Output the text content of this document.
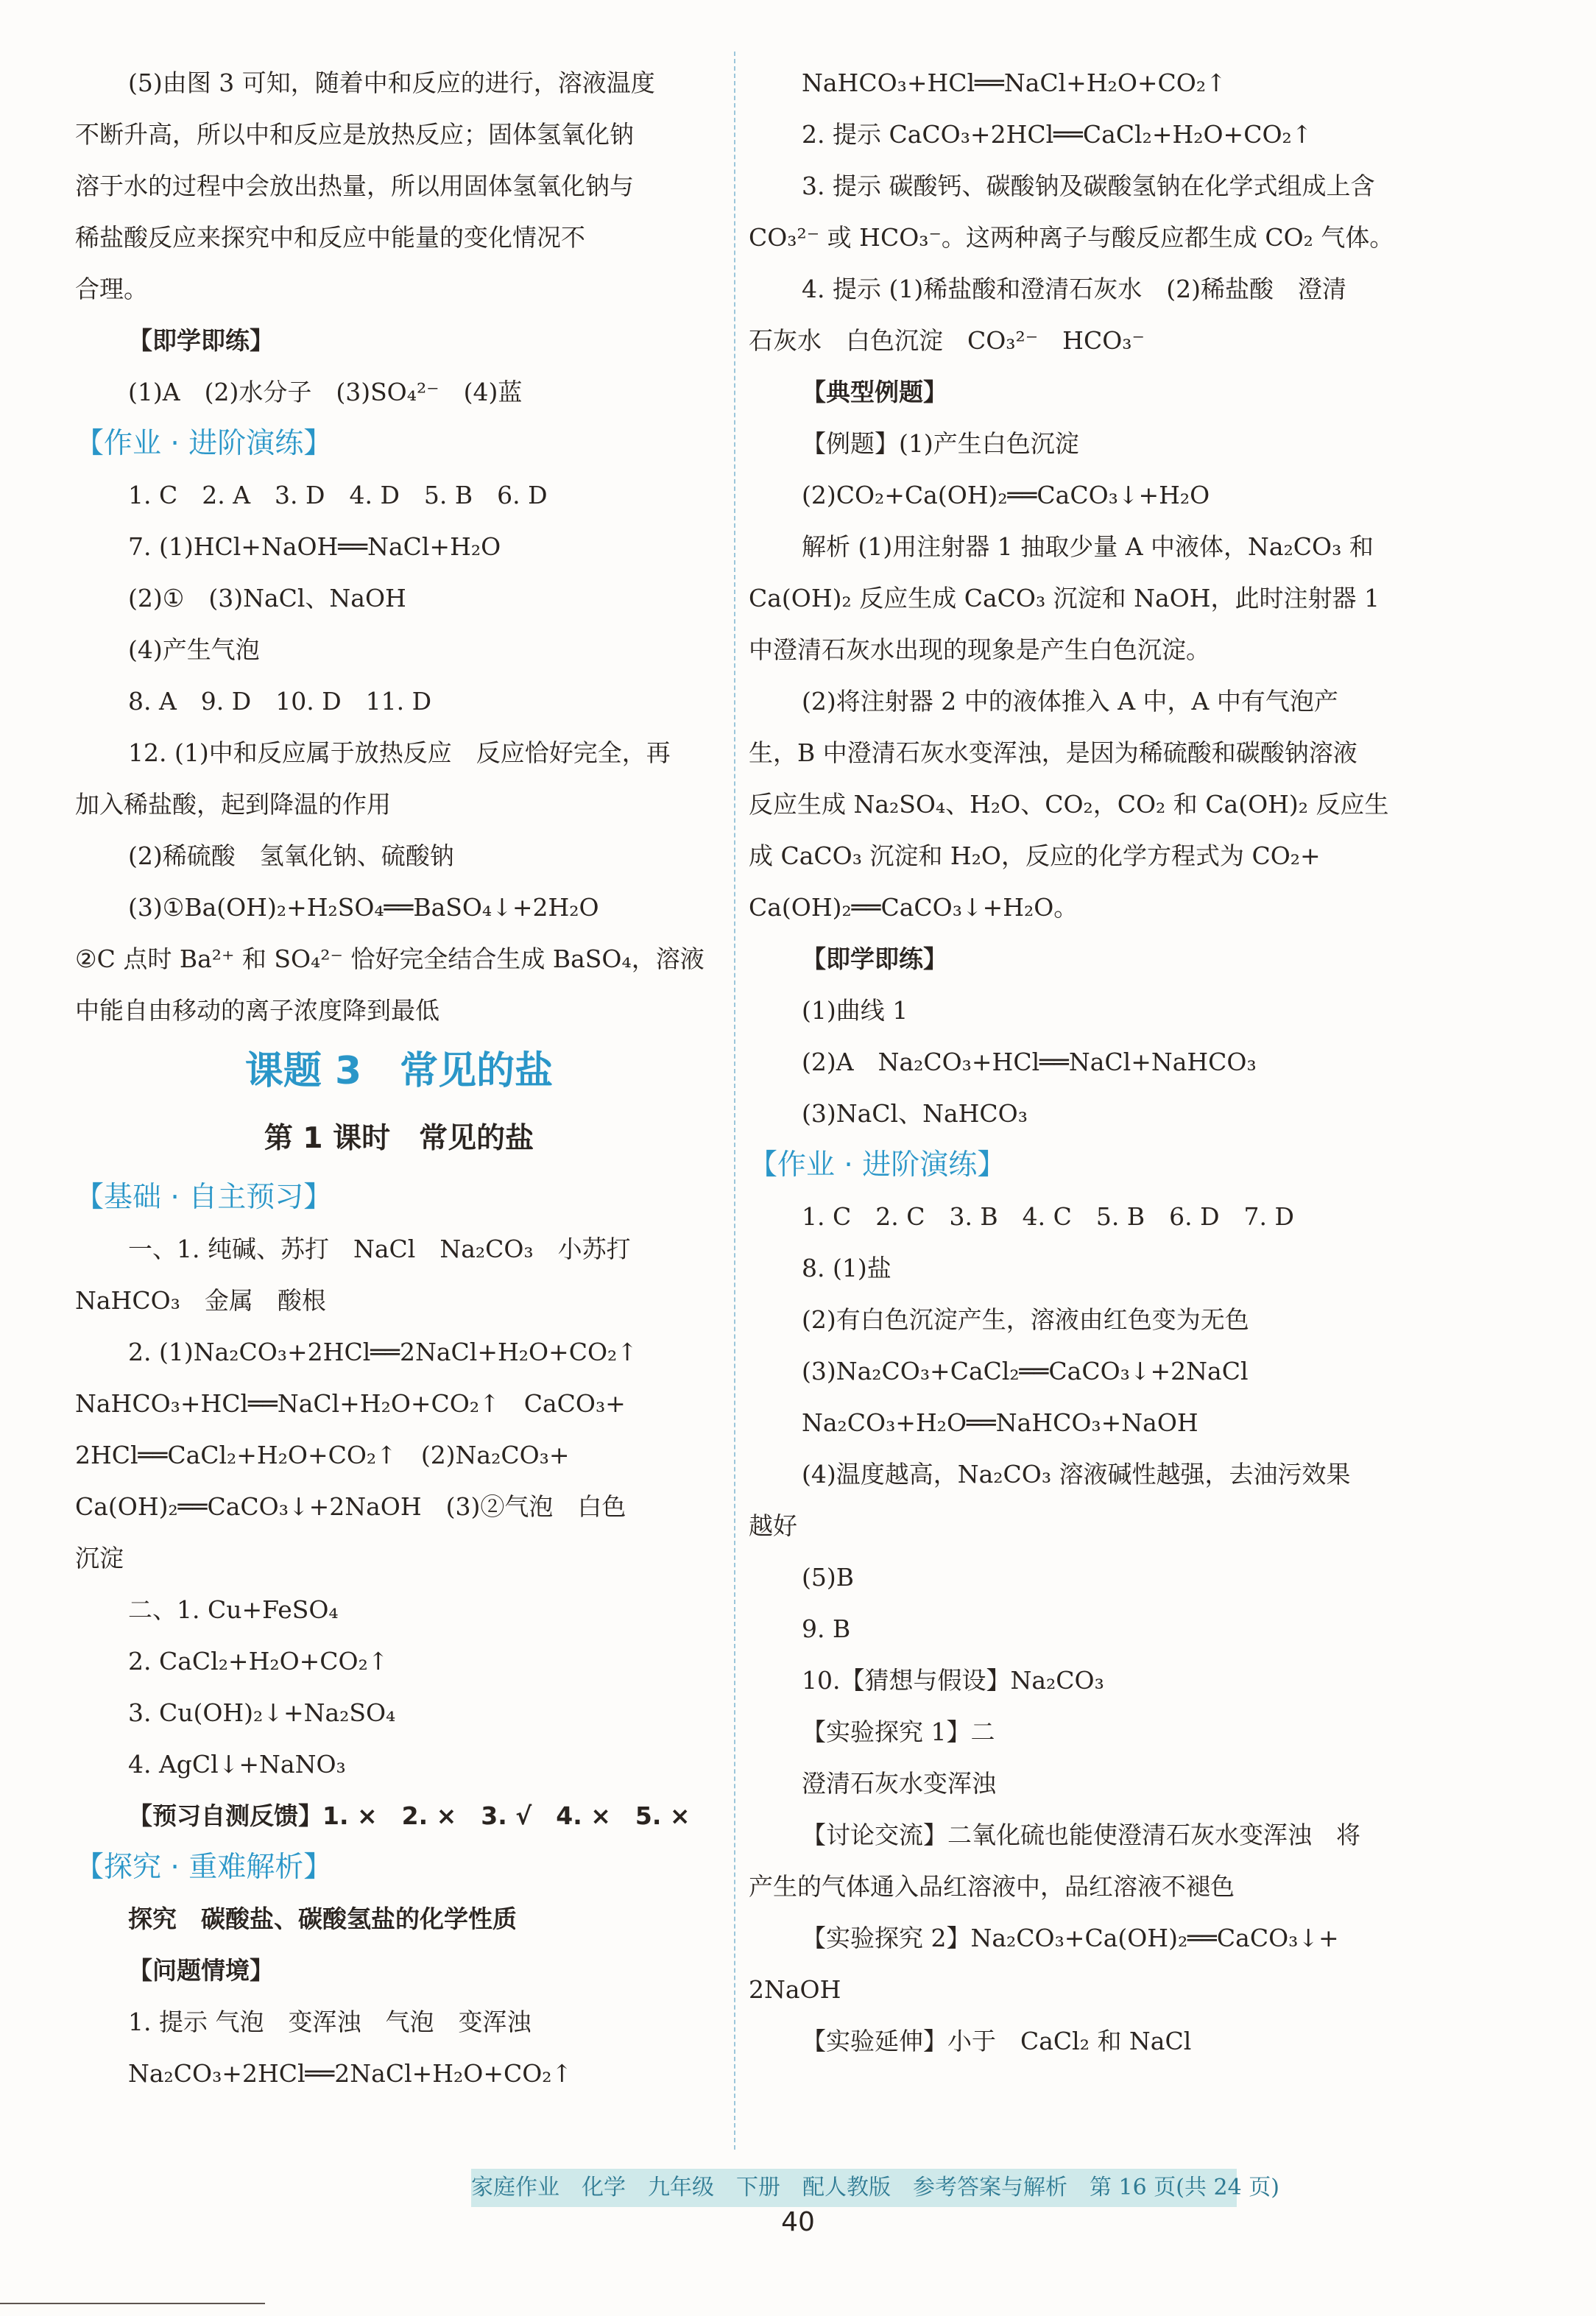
(5)由图 3 可知，随着中和反应的进行，溶液温度
不断升高，所以中和反应是放热反应；固体氢氧化钠
溶于水的过程中会放出热量，所以用固体氢氧化钠与
稀盐酸反应来探究中和反应中能量的变化情况不
合理。
【即学即练】
(1)A　(2)水分子　(3)SO₄²⁻　(4)蓝
【作业 · 进阶演练】
1. C　2. A　3. D　4. D　5. B　6. D
7. (1)HCl+NaOH══NaCl+H₂O
(2)①　(3)NaCl、NaOH
(4)产生气泡
8. A　9. D　10. D　11. D
12. (1)中和反应属于放热反应　反应恰好完全，再
加入稀盐酸，起到降温的作用
(2)稀硫酸　氢氧化钠、硫酸钠
(3)①Ba(OH)₂+H₂SO₄══BaSO₄↓+2H₂O
②C 点时 Ba²⁺ 和 SO₄²⁻ 恰好完全结合生成 BaSO₄，溶液
中能自由移动的离子浓度降到最低
课题 3　常见的盐
第 1 课时　常见的盐
【基础 · 自主预习】
一、1. 纯碱、苏打　NaCl　Na₂CO₃　小苏打
NaHCO₃　金属　酸根
2. (1)Na₂CO₃+2HCl══2NaCl+H₂O+CO₂↑
NaHCO₃+HCl══NaCl+H₂O+CO₂↑　CaCO₃+
2HCl══CaCl₂+H₂O+CO₂↑　(2)Na₂CO₃+
Ca(OH)₂══CaCO₃↓+2NaOH　(3)②气泡　白色
沉淀
二、1. Cu+FeSO₄
2. CaCl₂+H₂O+CO₂↑
3. Cu(OH)₂↓+Na₂SO₄
4. AgCl↓+NaNO₃
【预习自测反馈】1. ×　2. ×　3. √　4. ×　5. ×
【探究 · 重难解析】
探究　碳酸盐、碳酸氢盐的化学性质
【问题情境】
1. 提示 气泡　变浑浊　气泡　变浑浊
Na₂CO₃+2HCl══2NaCl+H₂O+CO₂↑
NaHCO₃+HCl══NaCl+H₂O+CO₂↑
2. 提示 CaCO₃+2HCl══CaCl₂+H₂O+CO₂↑
3. 提示 碳酸钙、碳酸钠及碳酸氢钠在化学式组成上含
CO₃²⁻ 或 HCO₃⁻。这两种离子与酸反应都生成 CO₂ 气体。
4. 提示 (1)稀盐酸和澄清石灰水　(2)稀盐酸　澄清
石灰水　白色沉淀　CO₃²⁻　HCO₃⁻
【典型例题】
【例题】(1)产生白色沉淀
(2)CO₂+Ca(OH)₂══CaCO₃↓+H₂O
解析 (1)用注射器 1 抽取少量 A 中液体，Na₂CO₃ 和
Ca(OH)₂ 反应生成 CaCO₃ 沉淀和 NaOH，此时注射器 1
中澄清石灰水出现的现象是产生白色沉淀。
(2)将注射器 2 中的液体推入 A 中，A 中有气泡产
生，B 中澄清石灰水变浑浊，是因为稀硫酸和碳酸钠溶液
反应生成 Na₂SO₄、H₂O、CO₂，CO₂ 和 Ca(OH)₂ 反应生
成 CaCO₃ 沉淀和 H₂O，反应的化学方程式为 CO₂+
Ca(OH)₂══CaCO₃↓+H₂O。
【即学即练】
(1)曲线 1
(2)A　Na₂CO₃+HCl══NaCl+NaHCO₃
(3)NaCl、NaHCO₃
【作业 · 进阶演练】
1. C　2. C　3. B　4. C　5. B　6. D　7. D
8. (1)盐
(2)有白色沉淀产生，溶液由红色变为无色
(3)Na₂CO₃+CaCl₂══CaCO₃↓+2NaCl
Na₂CO₃+H₂O══NaHCO₃+NaOH
(4)温度越高，Na₂CO₃ 溶液碱性越强，去油污效果
越好
(5)B
9. B
10.【猜想与假设】Na₂CO₃
【实验探究 1】二
澄清石灰水变浑浊
【讨论交流】二氧化硫也能使澄清石灰水变浑浊　将
产生的气体通入品红溶液中，品红溶液不褪色
【实验探究 2】Na₂CO₃+Ca(OH)₂══CaCO₃↓+
2NaOH
【实验延伸】小于　CaCl₂ 和 NaCl
家庭作业　化学　九年级　下册　配人教版　参考答案与解析　第 16 页(共 24 页)
40
